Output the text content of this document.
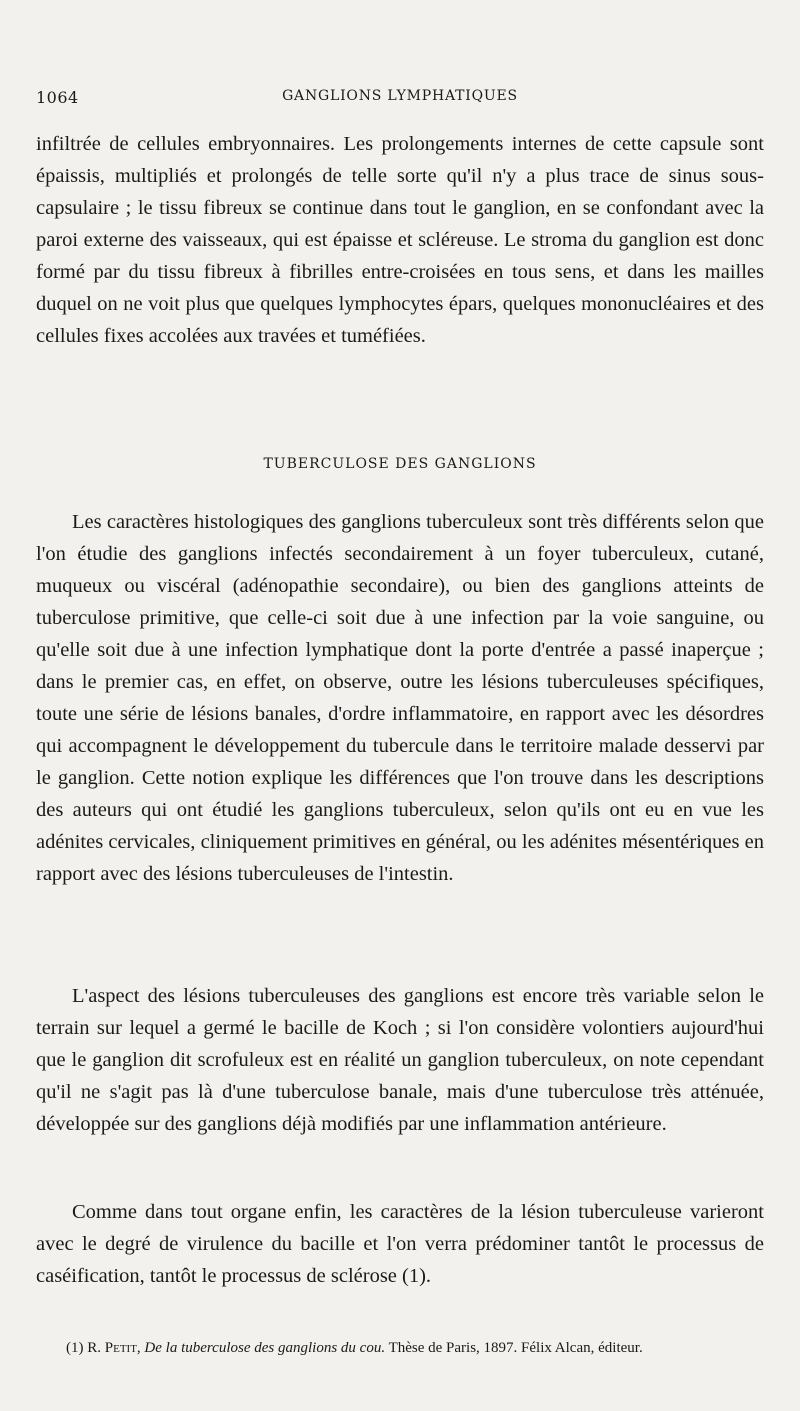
1064	GANGLIONS LYMPHATIQUES

infiltrée de cellules embryonnaires. Les prolongements internes de cette capsule sont épaissis, multipliés et prolongés de telle sorte qu'il n'y a plus trace de sinus sous-capsulaire ; le tissu fibreux se continue dans tout le ganglion, en se confondant avec la paroi externe des vaisseaux, qui est épaisse et scléreuse. Le stroma du ganglion est donc formé par du tissu fibreux à fibrilles entre-croisées en tous sens, et dans les mailles duquel on ne voit plus que quelques lymphocytes épars, quelques mononucléaires et des cellules fixes accolées aux travées et tuméfiées.

TUBERCULOSE DES GANGLIONS

Les caractères histologiques des ganglions tuberculeux sont très différents selon que l'on étudie des ganglions infectés secondairement à un foyer tuberculeux, cutané, muqueux ou viscéral (adénopathie secondaire), ou bien des ganglions atteints de tuberculose primitive, que celle-ci soit due à une infection par la voie sanguine, ou qu'elle soit due à une infection lymphatique dont la porte d'entrée a passé inaperçue ; dans le premier cas, en effet, on observe, outre les lésions tuberculeuses spécifiques, toute une série de lésions banales, d'ordre inflammatoire, en rapport avec les désordres qui accompagnent le développement du tubercule dans le territoire malade desservi par le ganglion. Cette notion explique les différences que l'on trouve dans les descriptions des auteurs qui ont étudié les ganglions tuberculeux, selon qu'ils ont eu en vue les adénites cervicales, cliniquement primitives en général, ou les adénites mésentériques en rapport avec des lésions tuberculeuses de l'intestin.

L'aspect des lésions tuberculeuses des ganglions est encore très variable selon le terrain sur lequel a germé le bacille de Koch ; si l'on considère volontiers aujourd'hui que le ganglion dit scrofuleux est en réalité un ganglion tuberculeux, on note cependant qu'il ne s'agit pas là d'une tuberculose banale, mais d'une tuberculose très atténuée, développée sur des ganglions déjà modifiés par une inflammation antérieure.

Comme dans tout organe enfin, les caractères de la lésion tuberculeuse varieront avec le degré de virulence du bacille et l'on verra prédominer tantôt le processus de caséification, tantôt le processus de sclérose (1).

(1) R. Petit, De la tuberculose des ganglions du cou. Thèse de Paris, 1897. Félix Alcan, éditeur.
